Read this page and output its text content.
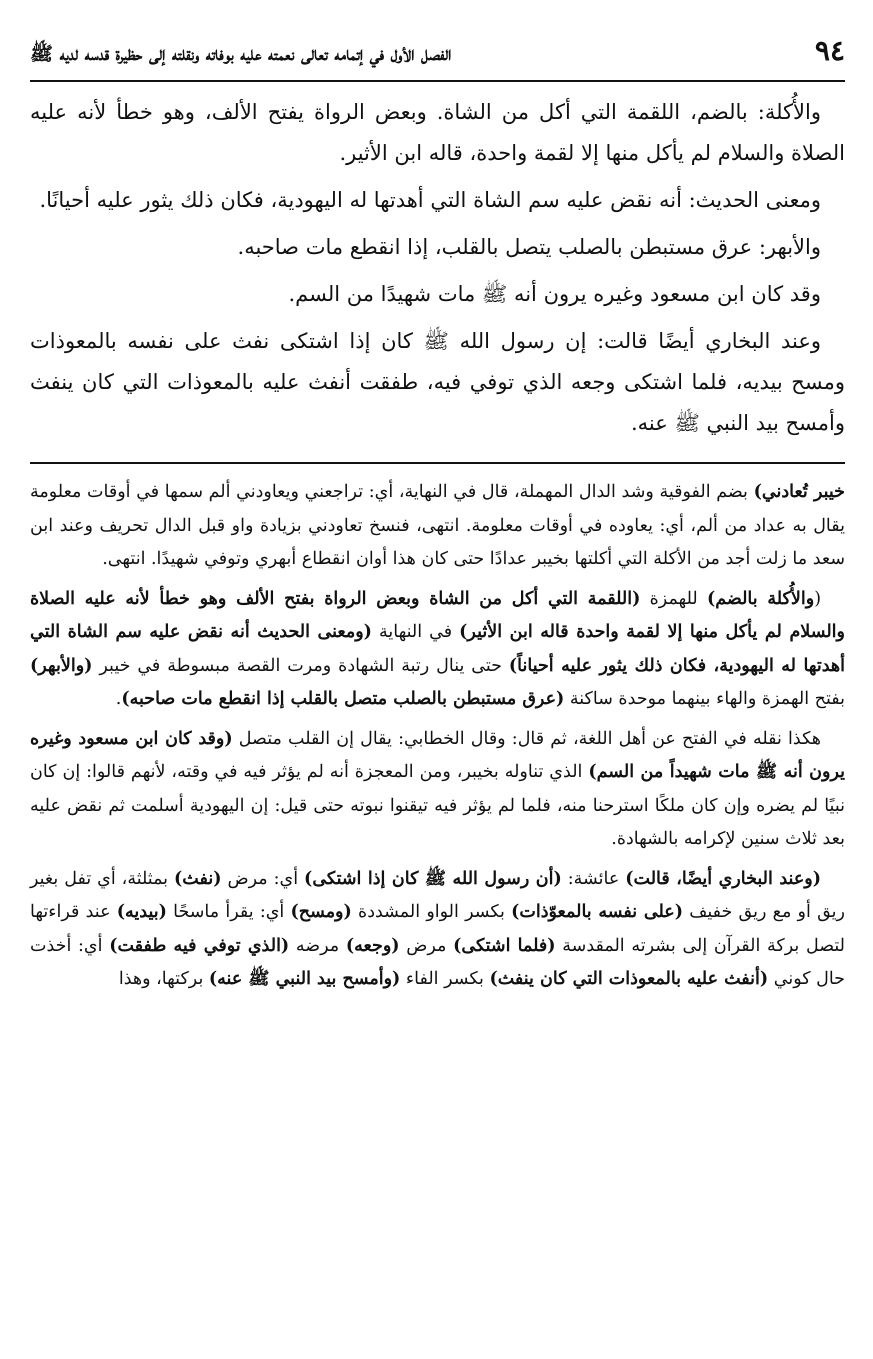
٩٤
الفصل الأول في إتمامه تعالى نعمته عليه بوفاته ونقلته إلى حظيرة قدسه لديه ﷺ

والأُكلة: بالضم، اللقمة التي أكل من الشاة. وبعض الرواة يفتح الألف، وهو خطأ لأنه عليه الصلاة والسلام لم يأكل منها إلا لقمة واحدة، قاله ابن الأثير.

ومعنى الحديث: أنه نقض عليه سم الشاة التي أهدتها له اليهودية، فكان ذلك يثور عليه أحيانًا.

والأبهر: عرق مستبطن بالصلب يتصل بالقلب، إذا انقطع مات صاحبه.

وقد كان ابن مسعود وغيره يرون أنه ﷺ مات شهيدًا من السم.

وعند البخاري أيضًا قالت: إن رسول الله ﷺ كان إذا اشتكى نفث على نفسه بالمعوذات ومسح بيديه، فلما اشتكى وجعه الذي توفي فيه، طفقت أنفث عليه بالمعوذات التي كان ينفث وأمسح بيد النبي ﷺ عنه.

خيبر تُعادني) بضم الفوقية وشد الدال المهملة، قال في النهاية، أي: تراجعني ويعاودني ألم سمها في أوقات معلومة يقال به عداد من ألم، أي: يعاوده في أوقات معلومة. انتهى، فنسخ تعاودني بزيادة واو قبل الدال تحريف وعند ابن سعد ما زلت أجد من الأكلة التي أكلتها بخيبر عدادًا حتى كان هذا أوان انقطاع أبهري وتوفي شهيدًا. انتهى.

(والأُكلة بالضم) للهمزة (اللقمة التي أكل من الشاة وبعض الرواة بفتح الألف وهو خطأ لأنه عليه الصلاة والسلام لم يأكل منها إلا لقمة واحدة قاله ابن الأثير) في النهاية (ومعنى الحديث أنه نقض عليه سم الشاة التي أهدتها له اليهودية، فكان ذلك يثور عليه أحياناً) حتى ينال رتبة الشهادة ومرت القصة مبسوطة في خيبر (والأبهر) بفتح الهمزة والهاء بينهما موحدة ساكنة (عرق مستبطن بالصلب متصل بالقلب إذا انقطع مات صاحبه).

هكذا نقله في الفتح عن أهل اللغة، ثم قال: وقال الخطابي: يقال إن القلب متصل (وقد كان ابن مسعود وغيره يرون أنه ﷺ مات شهيداً من السم) الذي تناوله بخيبر، ومن المعجزة أنه لم يؤثر فيه في وقته، لأنهم قالوا: إن كان نبيًا لم يضره وإن كان ملكًا استرحنا منه، فلما لم يؤثر فيه تيقنوا نبوته حتى قيل: إن اليهودية أسلمت ثم نقض عليه بعد ثلاث سنين لإكرامه بالشهادة.

(وعند البخاري أيضًا، قالت) عائشة: (أن رسول الله ﷺ كان إذا اشتكى) أي: مرض (نفث) بمثلثة، أي تفل بغير ريق أو مع ريق خفيف (على نفسه بالمعوّذات) بكسر الواو المشددة (ومسح) أي: يقرأ ماسحًا (بيديه) عند قراءتها لتصل بركة القرآن إلى بشرته المقدسة (فلما اشتكى) مرض (وجعه) مرضه (الذي توفي فيه طفقت) أي: أخذت حال كوني (أنفث عليه بالمعوذات التي كان ينفث) بكسر الفاء (وأمسح بيد النبي ﷺ عنه) بركتها، وهذا
